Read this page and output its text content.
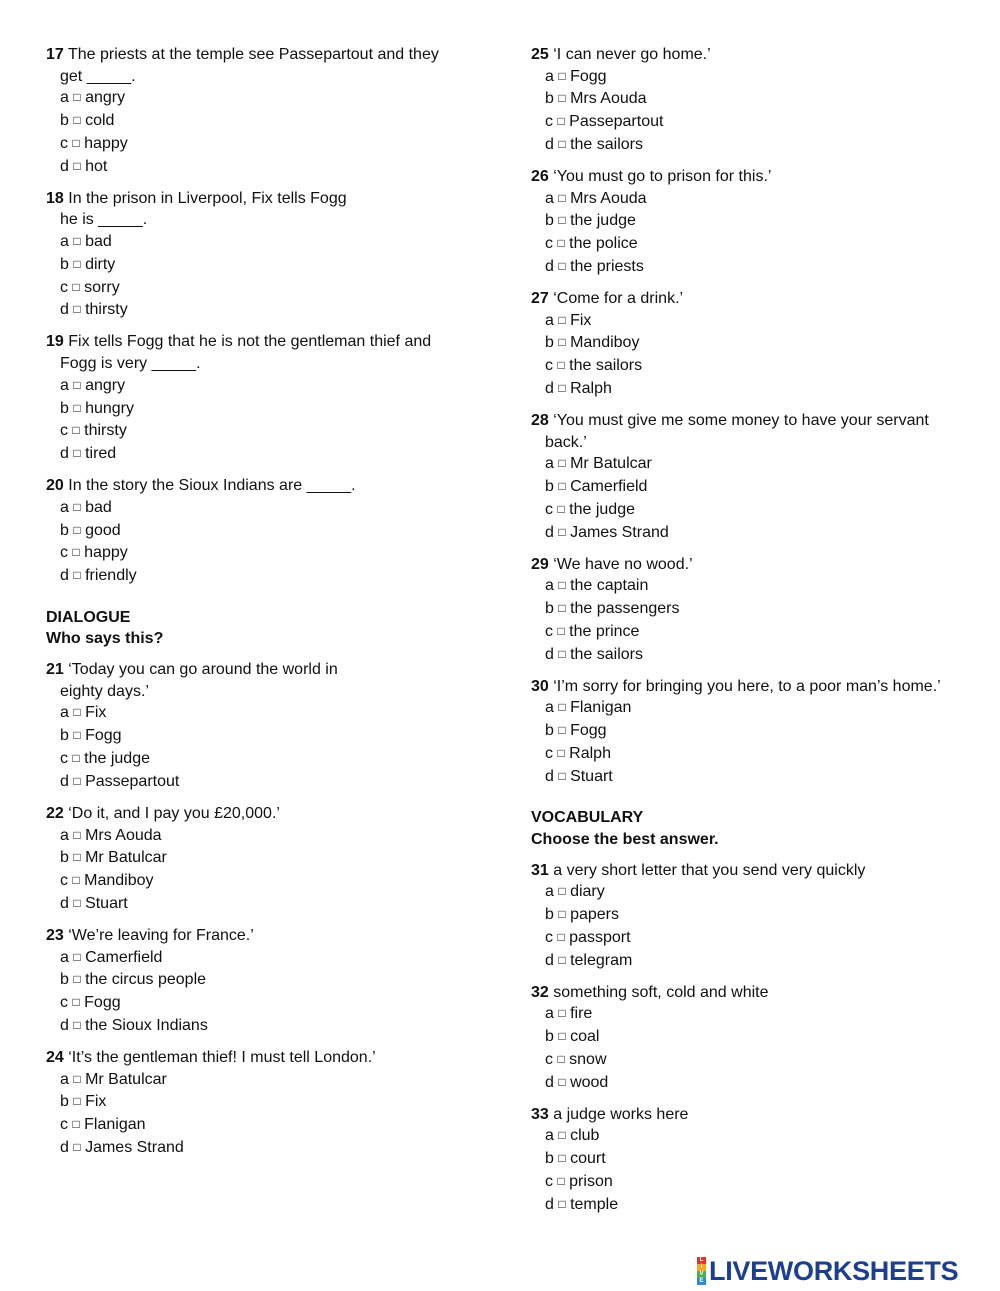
17 The priests at the temple see Passepartout and they
get _____.
a □ angry
b □ cold
c □ happy
d □ hot
18 In the prison in Liverpool, Fix tells Fogg
he is _____.
a □ bad
b □ dirty
c □ sorry
d □ thirsty
19 Fix tells Fogg that he is not the gentleman thief and
Fogg is very _____.
a □ angry
b □ hungry
c □ thirsty
d □ tired
20 In the story the Sioux Indians are _____.
a □ bad
b □ good
c □ happy
d □ friendly
DIALOGUE
Who says this?
21 ‘Today you can go around the world in
eighty days.’
a □ Fix
b □ Fogg
c □ the judge
d □ Passepartout
22 ‘Do it, and I pay you £20,000.’
a □ Mrs Aouda
b □ Mr Batulcar
c □ Mandiboy
d □ Stuart
23 ‘We’re leaving for France.’
a □ Camerfield
b □ the circus people
c □ Fogg
d □ the Sioux Indians
24 ‘It’s the gentleman thief! I must tell London.’
a □ Mr Batulcar
b □ Fix
c □ Flanigan
d □ James Strand
25 ‘I can never go home.’
a □ Fogg
b □ Mrs Aouda
c □ Passepartout
d □ the sailors
26 ‘You must go to prison for this.’
a □ Mrs Aouda
b □ the judge
c □ the police
d □ the priests
27 ‘Come for a drink.’
a □ Fix
b □ Mandiboy
c □ the sailors
d □ Ralph
28 ‘You must give me some money to have your servant
back.’
a □ Mr Batulcar
b □ Camerfield
c □ the judge
d □ James Strand
29 ‘We have no wood.’
a □ the captain
b □ the passengers
c □ the prince
d □ the sailors
30 ‘I’m sorry for bringing you here, to a poor man’s home.’
a □ Flanigan
b □ Fogg
c □ Ralph
d □ Stuart
VOCABULARY
Choose the best answer.
31 a very short letter that you send very quickly
a □ diary
b □ papers
c □ passport
d □ telegram
32 something soft, cold and white
a □ fire
b □ coal
c □ snow
d □ wood
33 a judge works here
a □ club
b □ court
c □ prison
d □ temple
L
I
V
E LIVEWORKSHEETS
